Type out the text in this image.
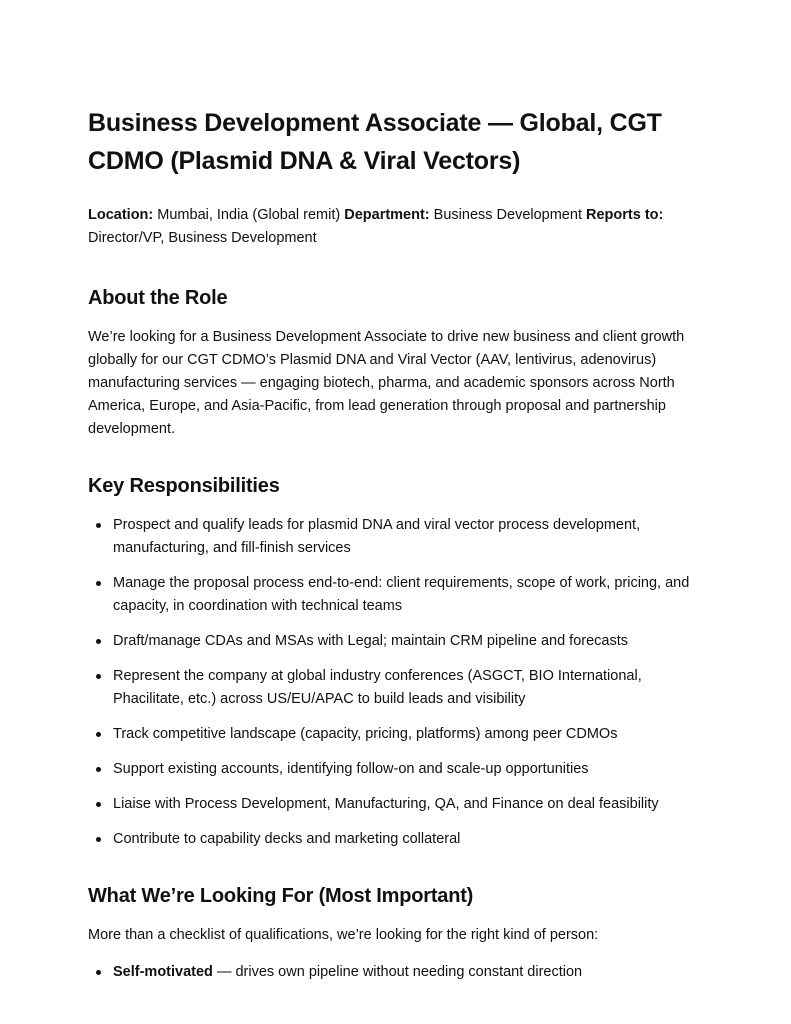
Business Development Associate — Global, CGT CDMO (Plasmid DNA & Viral Vectors)

Location: Mumbai, India (Global remit) Department: Business Development Reports to: Director/VP, Business Development

About the Role

We’re looking for a Business Development Associate to drive new business and client growth globally for our CGT CDMO’s Plasmid DNA and Viral Vector (AAV, lentivirus, adenovirus) manufacturing services — engaging biotech, pharma, and academic sponsors across North America, Europe, and Asia-Pacific, from lead generation through proposal and partnership development.

Key Responsibilities
Prospect and qualify leads for plasmid DNA and viral vector process development, manufacturing, and fill-finish services
Manage the proposal process end-to-end: client requirements, scope of work, pricing, and capacity, in coordination with technical teams
Draft/manage CDAs and MSAs with Legal; maintain CRM pipeline and forecasts
Represent the company at global industry conferences (ASGCT, BIO International, Phacilitate, etc.) across US/EU/APAC to build leads and visibility
Track competitive landscape (capacity, pricing, platforms) among peer CDMOs
Support existing accounts, identifying follow-on and scale-up opportunities
Liaise with Process Development, Manufacturing, QA, and Finance on deal feasibility
Contribute to capability decks and marketing collateral
What We’re Looking For (Most Important)

More than a checklist of qualifications, we’re looking for the right kind of person:

Self-motivated — drives own pipeline without needing constant direction
